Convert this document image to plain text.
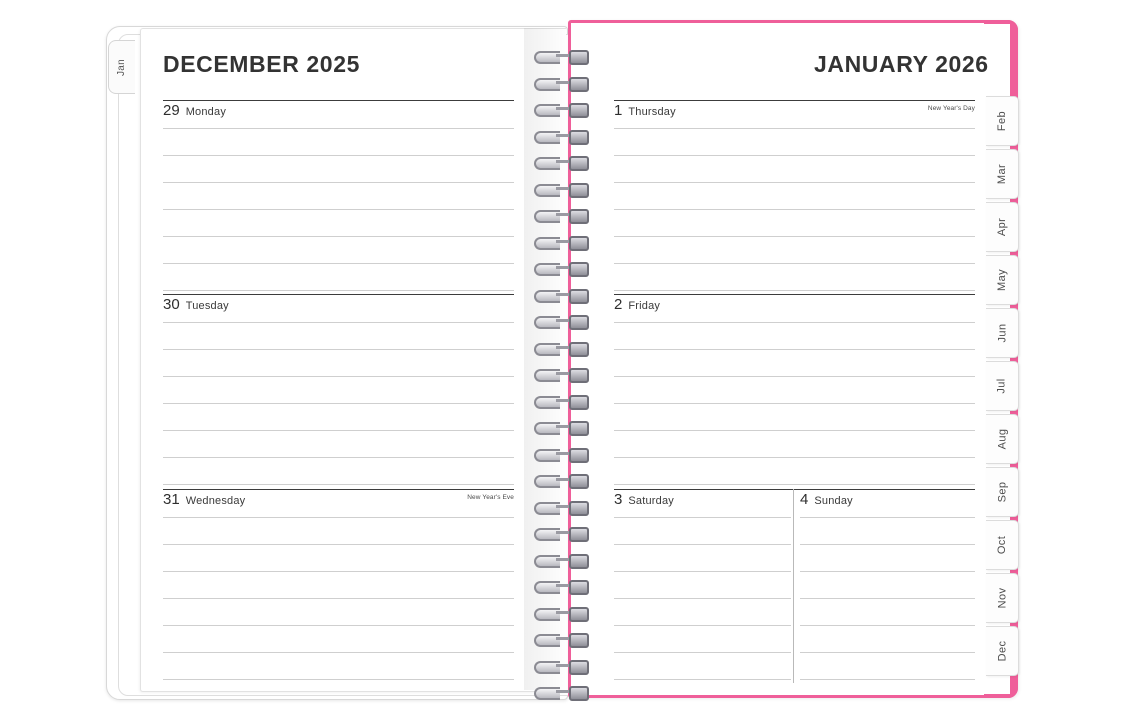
Jan DECEMBER 2025
29 Monday
30 Tuesday
31 Wednesday	New Year's Eve
JANUARY 2026
1 Thursday	New Year's Day
2 Friday
3 Saturday	4 Sunday
Feb
Mar
Apr
May
Jun
Jul
Aug
Sep
Oct
Nov
Dec
